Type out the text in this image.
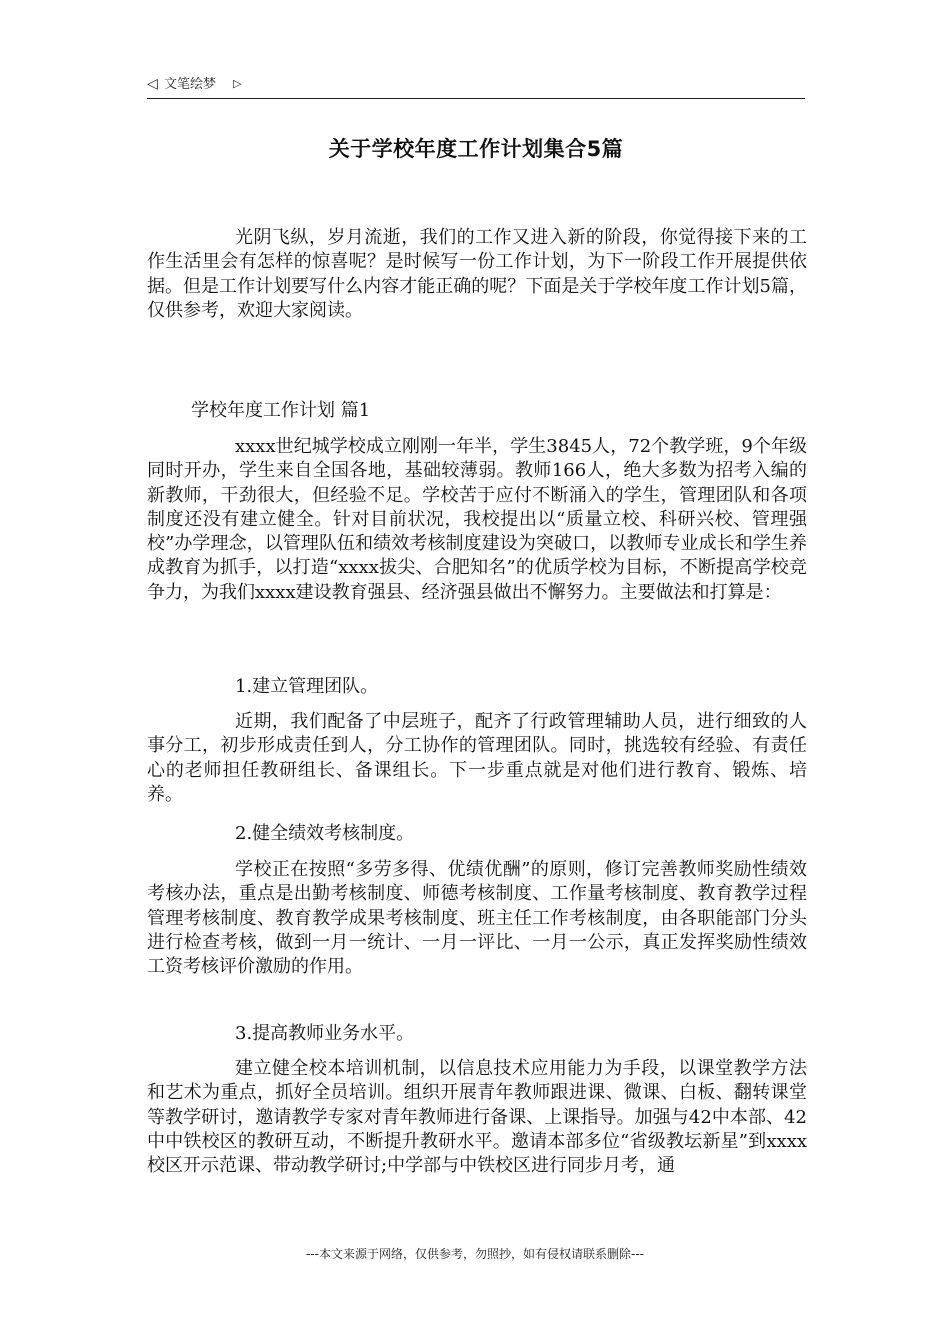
◁ 文笔绘梦 ▷
关于学校年度工作计划集合5篇

光阴飞纵，岁月流逝，我们的工作又进入新的阶段，你觉得接下来的工作生活里会有怎样的惊喜呢？是时候写一份工作计划，为下一阶段工作开展提供依据。但是工作计划要写什么内容才能正确的呢？下面是关于学校年度工作计划5篇，仅供参考，欢迎大家阅读。

学校年度工作计划 篇1

xxxx世纪城学校成立刚刚一年半，学生3845人，72个教学班，9个年级同时开办，学生来自全国各地，基础较薄弱。教师166人，绝大多数为招考入编的新教师，干劲很大，但经验不足。学校苦于应付不断涌入的学生，管理团队和各项制度还没有建立健全。针对目前状况，我校提出以“质量立校、科研兴校、管理强校”办学理念，以管理队伍和绩效考核制度建设为突破口，以教师专业成长和学生养成教育为抓手，以打造“xxxx拔尖、合肥知名”的优质学校为目标，不断提高学校竞争力，为我们xxxx建设教育强县、经济强县做出不懈努力。主要做法和打算是：

1.建立管理团队。

近期，我们配备了中层班子，配齐了行政管理辅助人员，进行细致的人事分工，初步形成责任到人，分工协作的管理团队。同时，挑选较有经验、有责任心的老师担任教研组长、备课组长。下一步重点就是对他们进行教育、锻炼、培养。

2.健全绩效考核制度。

学校正在按照“多劳多得、优绩优酬”的原则，修订完善教师奖励性绩效考核办法，重点是出勤考核制度、师德考核制度、工作量考核制度、教育教学过程管理考核制度、教育教学成果考核制度、班主任工作考核制度，由各职能部门分头进行检查考核，做到一月一统计、一月一评比、一月一公示，真正发挥奖励性绩效工资考核评价激励的作用。

3.提高教师业务水平。

建立健全校本培训机制，以信息技术应用能力为手段，以课堂教学方法和艺术为重点，抓好全员培训。组织开展青年教师跟进课、微课、白板、翻转课堂等教学研讨，邀请教学专家对青年教师进行备课、上课指导。加强与42中本部、42中中铁校区的教研互动，不断提升教研水平。邀请本部多位“省级教坛新星”到xxxx校区开示范课、带动教学研讨;中学部与中铁校区进行同步月考，通

---本文来源于网络，仅供参考，勿照抄，如有侵权请联系删除---
